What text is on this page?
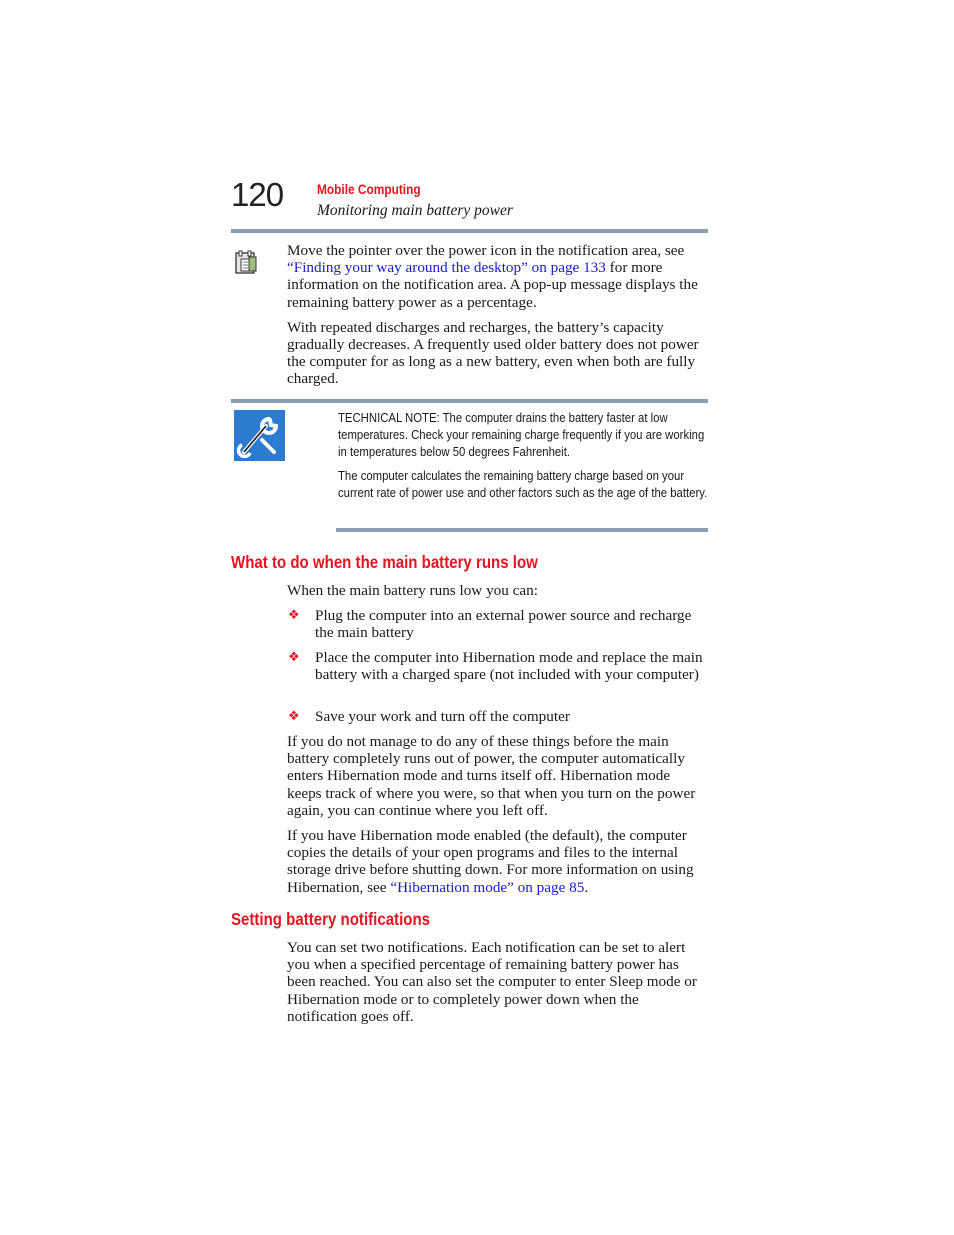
120	Mobile Computing
Monitoring main battery power

Move the pointer over the power icon in the notification area, see “Finding your way around the desktop” on page 133 for more information on the notification area. A pop-up message displays the remaining battery power as a percentage.

With repeated discharges and recharges, the battery’s capacity gradually decreases. A frequently used older battery does not power the computer for as long as a new battery, even when both are fully charged.

TECHNICAL NOTE: The computer drains the battery faster at low temperatures. Check your remaining charge frequently if you are working in temperatures below 50 degrees Fahrenheit.

The computer calculates the remaining battery charge based on your current rate of power use and other factors such as the age of the battery.

What to do when the main battery runs low
When the main battery runs low you can:
❖ Plug the computer into an external power source and recharge the main battery
❖ Place the computer into Hibernation mode and replace the main battery with a charged spare (not included with your computer)
❖ Save your work and turn off the computer
If you do not manage to do any of these things before the main battery completely runs out of power, the computer automatically enters Hibernation mode and turns itself off. Hibernation mode keeps track of where you were, so that when you turn on the power again, you can continue where you left off.
If you have Hibernation mode enabled (the default), the computer copies the details of your open programs and files to the internal storage drive before shutting down. For more information on using Hibernation, see “Hibernation mode” on page 85.
Setting battery notifications
You can set two notifications. Each notification can be set to alert you when a specified percentage of remaining battery power has been reached. You can also set the computer to enter Sleep mode or Hibernation mode or to completely power down when the notification goes off.
